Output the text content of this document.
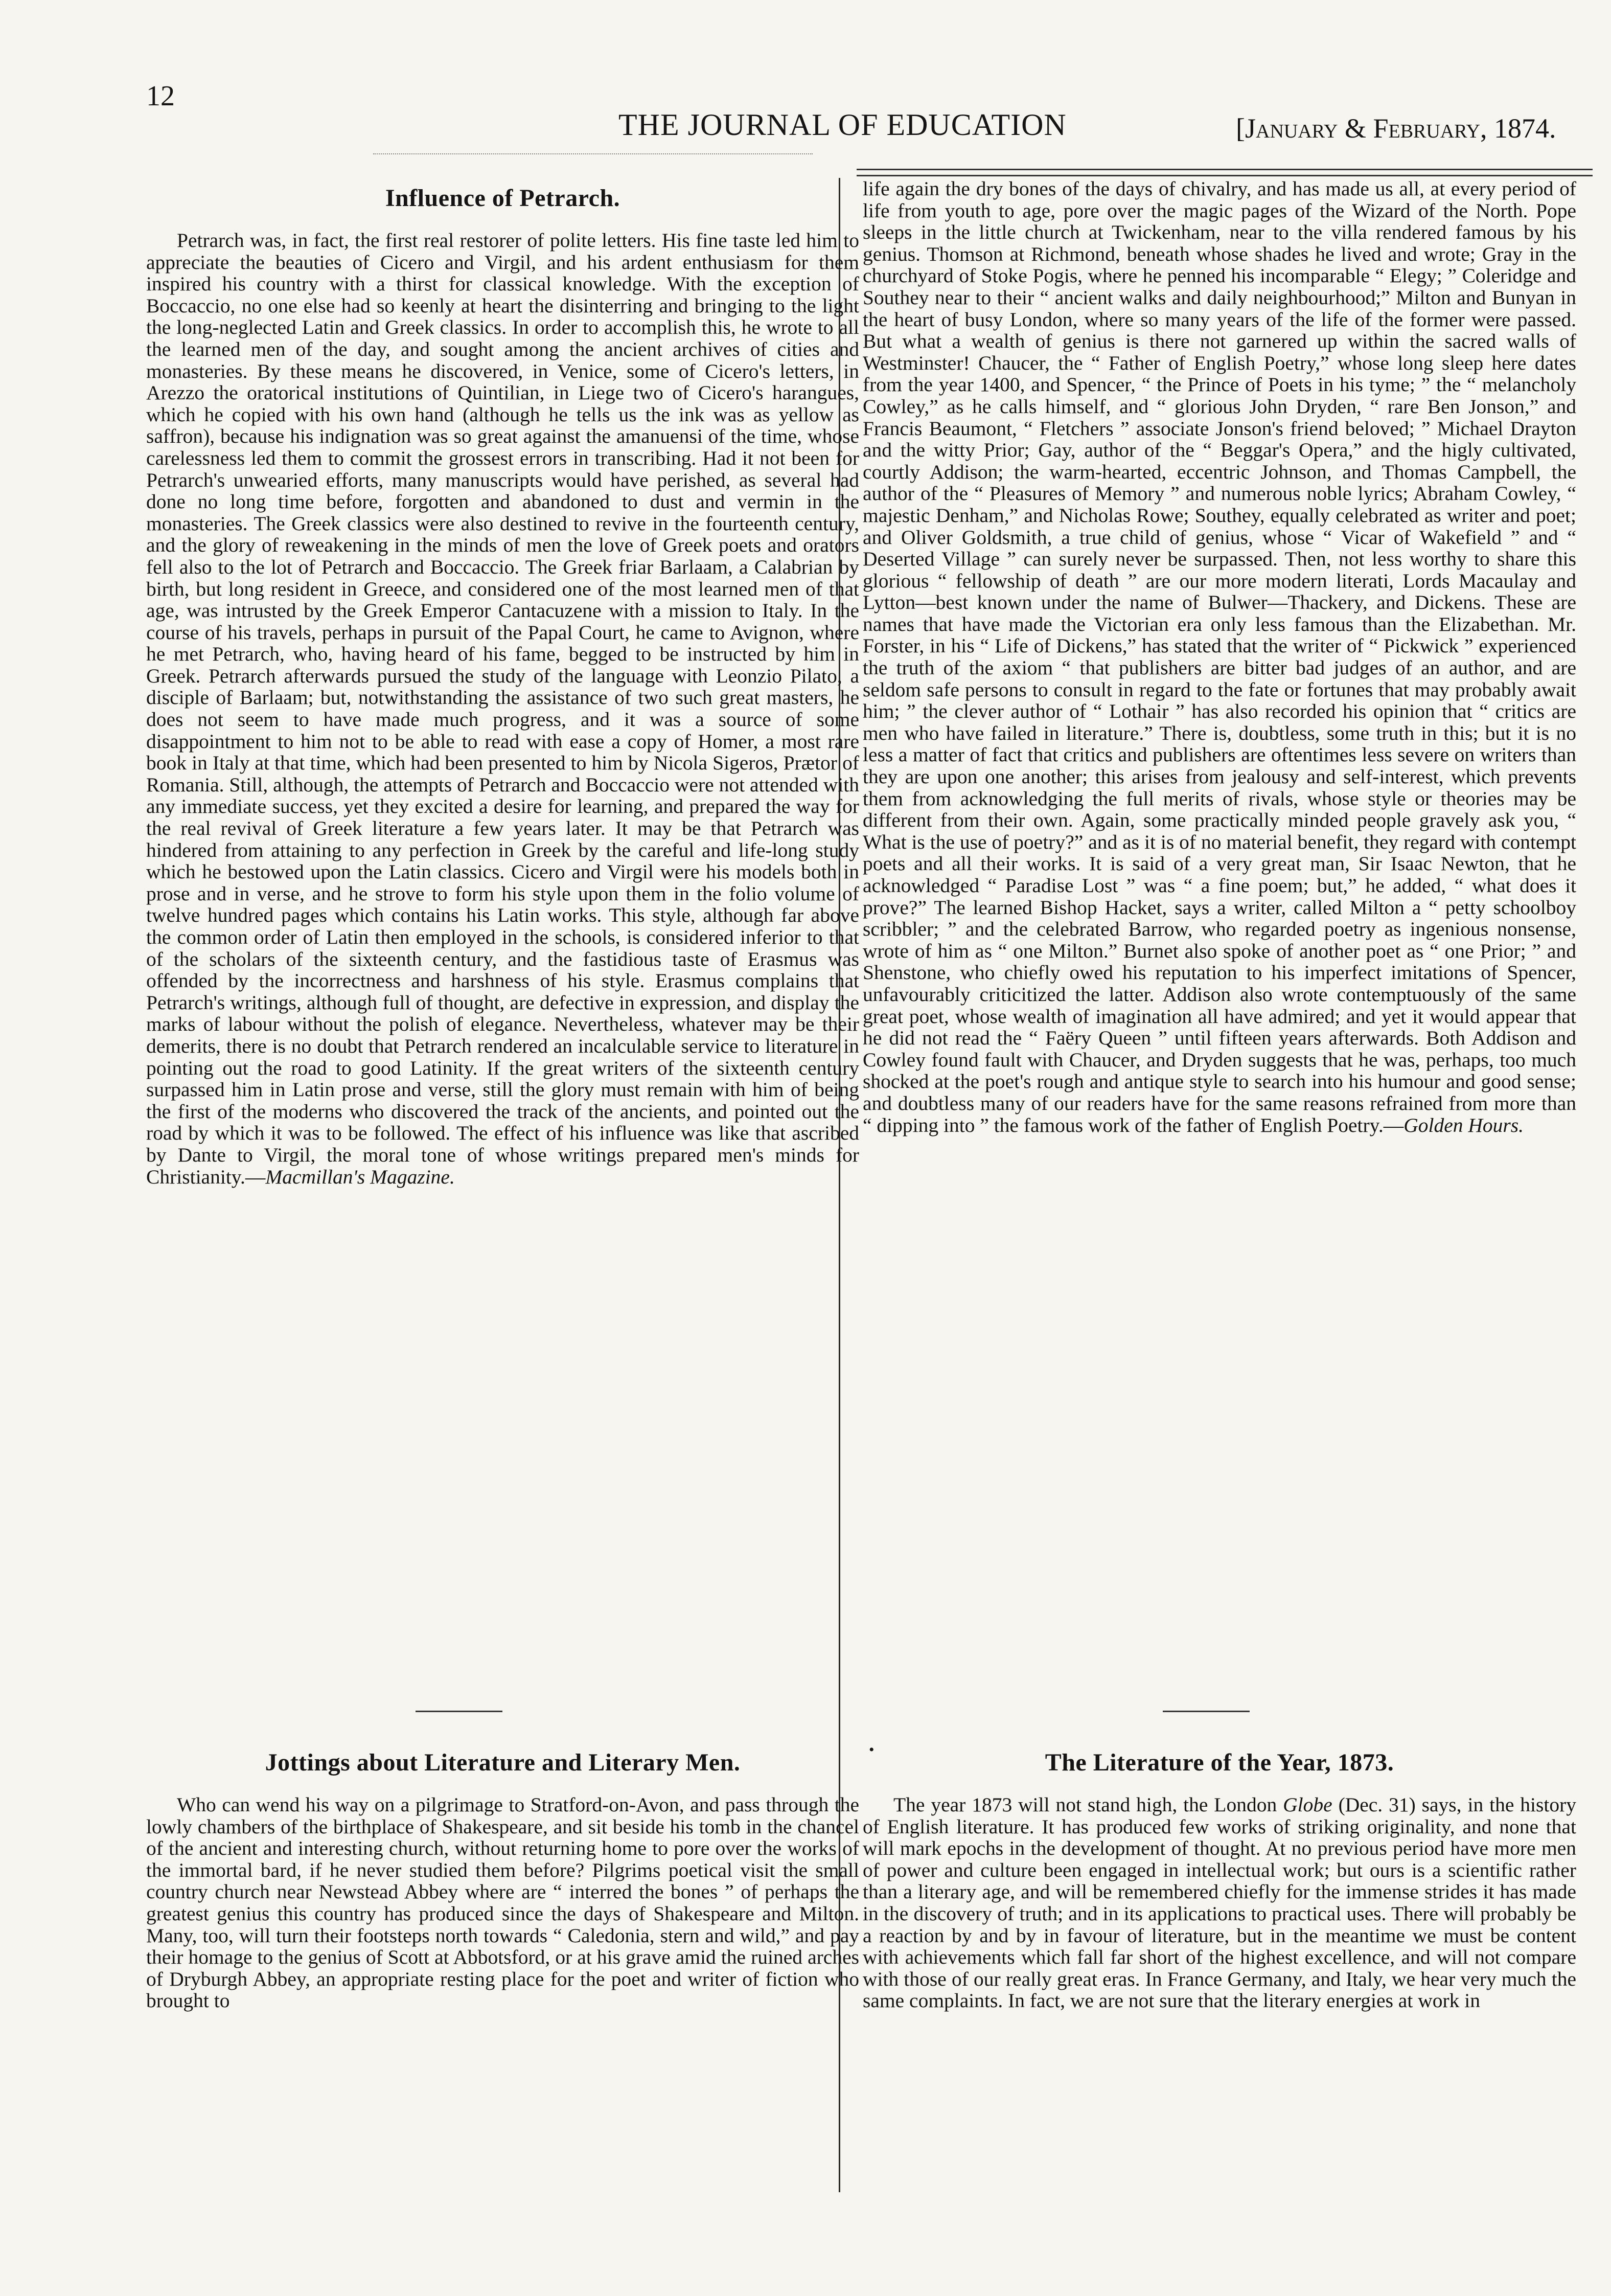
12
THE JOURNAL OF EDUCATION	[January & February, 1874.
Influence of Petrarch.

Petrarch was, in fact, the first real restorer of polite letters. His fine taste led him to appreciate the beauties of Cicero and Virgil, and his ardent enthusiasm for them inspired his country with a thirst for classical knowledge. With the exception of Boccaccio, no one else had so keenly at heart the disinterring and bringing to the light the long-neglected Latin and Greek classics. In order to accomplish this, he wrote to all the learned men of the day, and sought among the ancient archives of cities and monasteries. By these means he discovered, in Venice, some of Cicero's letters, in Arezzo the oratorical institutions of Quintilian, in Liege two of Cicero's harangues, which he copied with his own hand (although he tells us the ink was as yellow as saffron), because his indignation was so great against the amanuensi of the time, whose carelessness led them to commit the grossest errors in transcribing. Had it not been for Petrarch's unwearied efforts, many manuscripts would have perished, as several had done no long time before, forgotten and abandoned to dust and vermin in the monasteries. The Greek classics were also destined to revive in the fourteenth century, and the glory of reweakening in the minds of men the love of Greek poets and orators fell also to the lot of Petrarch and Boccaccio. The Greek friar Barlaam, a Calabrian by birth, but long resident in Greece, and considered one of the most learned men of that age, was intrusted by the Greek Emperor Cantacuzene with a mission to Italy. In the course of his travels, perhaps in pursuit of the Papal Court, he came to Avignon, where he met Petrarch, who, having heard of his fame, begged to be instructed by him in Greek. Petrarch afterwards pursued the study of the language with Leonzio Pilato, a disciple of Barlaam; but, notwithstanding the assistance of two such great masters, he does not seem to have made much progress, and it was a source of some disappointment to him not to be able to read with ease a copy of Homer, a most rare book in Italy at that time, which had been presented to him by Nicola Sigeros, Prætor of Romania. Still, although, the attempts of Petrarch and Boccaccio were not attended with any immediate success, yet they excited a desire for learning, and prepared the way for the real revival of Greek literature a few years later. It may be that Petrarch was hindered from attaining to any perfection in Greek by the careful and life-long study which he bestowed upon the Latin classics. Cicero and Virgil were his models both in prose and in verse, and he strove to form his style upon them in the folio volume of twelve hundred pages which contains his Latin works. This style, although far above the common order of Latin then employed in the schools, is considered inferior to that of the scholars of the sixteenth century, and the fastidious taste of Erasmus was offended by the incorrectness and harshness of his style. Erasmus complains that Petrarch's writings, although full of thought, are defective in expression, and display the marks of labour without the polish of elegance. Nevertheless, whatever may be their demerits, there is no doubt that Petrarch rendered an incalculable service to literature in pointing out the road to good Latinity. If the great writers of the sixteenth century surpassed him in Latin prose and verse, still the glory must remain with him of being the first of the moderns who discovered the track of the ancients, and pointed out the road by which it was to be followed. The effect of his influence was like that ascribed by Dante to Virgil, the moral tone of whose writings prepared men's minds for Christianity.—Macmillan's Magazine.

life again the dry bones of the days of chivalry, and has made us all, at every period of life from youth to age, pore over the magic pages of the Wizard of the North. Pope sleeps in the little church at Twickenham, near to the villa rendered famous by his genius. Thomson at Richmond, beneath whose shades he lived and wrote; Gray in the churchyard of Stoke Pogis, where he penned his incomparable “ Elegy; ” Coleridge and Southey near to their “ ancient walks and daily neighbourhood;” Milton and Bunyan in the heart of busy London, where so many years of the life of the former were passed. But what a wealth of genius is there not garnered up within the sacred walls of Westminster! Chaucer, the “ Father of English Poetry,” whose long sleep here dates from the year 1400, and Spencer, “ the Prince of Poets in his tyme; ” the “ melancholy Cowley,” as he calls himself, and “ glorious John Dryden, “ rare Ben Jonson,” and Francis Beaumont, “ Fletchers ” associate Jonson's friend beloved; ” Michael Drayton and the witty Prior; Gay, author of the “ Beggar's Opera,” and the higly cultivated, courtly Addison; the warm-hearted, eccentric Johnson, and Thomas Campbell, the author of the “ Pleasures of Memory ” and numerous noble lyrics; Abraham Cowley, “ majestic Denham,” and Nicholas Rowe; Southey, equally celebrated as writer and poet; and Oliver Goldsmith, a true child of genius, whose “ Vicar of Wakefield ” and “ Deserted Village ” can surely never be surpassed. Then, not less worthy to share this glorious “ fellowship of death ” are our more modern literati, Lords Macaulay and Lytton—best known under the name of Bulwer—Thackery, and Dickens. These are names that have made the Victorian era only less famous than the Elizabethan. Mr. Forster, in his “ Life of Dickens,” has stated that the writer of “ Pickwick ” experienced the truth of the axiom “ that publishers are bitter bad judges of an author, and are seldom safe persons to consult in regard to the fate or fortunes that may probably await him; ” the clever author of “ Lothair ” has also recorded his opinion that “ critics are men who have failed in literature.” There is, doubtless, some truth in this; but it is no less a matter of fact that critics and publishers are oftentimes less severe on writers than they are upon one another; this arises from jealousy and self-interest, which prevents them from acknowledging the full merits of rivals, whose style or theories may be different from their own. Again, some practically minded people gravely ask you, “ What is the use of poetry?” and as it is of no material benefit, they regard with contempt poets and all their works. It is said of a very great man, Sir Isaac Newton, that he acknowledged “ Paradise Lost ” was “ a fine poem; but,” he added, “ what does it prove?” The learned Bishop Hacket, says a writer, called Milton a “ petty schoolboy scribbler; ” and the celebrated Barrow, who regarded poetry as ingenious nonsense, wrote of him as “ one Milton.” Burnet also spoke of another poet as “ one Prior; ” and Shenstone, who chiefly owed his reputation to his imperfect imitations of Spencer, unfavourably criticitized the latter. Addison also wrote contemptuously of the same great poet, whose wealth of imagination all have admired; and yet it would appear that he did not read the “ Faëry Queen ” until fifteen years afterwards. Both Addison and Cowley found fault with Chaucer, and Dryden suggests that he was, perhaps, too much shocked at the poet's rough and antique style to search into his humour and good sense; and doubtless many of our readers have for the same reasons refrained from more than “ dipping into ” the famous work of the father of English Poetry.—Golden Hours.

Jottings about Literature and Literary Men.

Who can wend his way on a pilgrimage to Stratford-on-Avon, and pass through the lowly chambers of the birthplace of Shakespeare, and sit beside his tomb in the chancel of the ancient and interesting church, without returning home to pore over the works of the immortal bard, if he never studied them before? Pilgrims poetical visit the small country church near Newstead Abbey where are “ interred the bones ” of perhaps the greatest genius this country has produced since the days of Shakespeare and Milton. Many, too, will turn their footsteps north towards “ Caledonia, stern and wild,” and pay their homage to the genius of Scott at Abbotsford, or at his grave amid the ruined arches of Dryburgh Abbey, an appropriate resting place for the poet and writer of fiction who brought to

The Literature of the Year, 1873.

The year 1873 will not stand high, the London Globe (Dec. 31) says, in the history of English literature. It has produced few works of striking originality, and none that will mark epochs in the development of thought. At no previous period have more men of power and culture been engaged in intellectual work; but ours is a scientific rather than a literary age, and will be remembered chiefly for the immense strides it has made in the discovery of truth; and in its applications to practical uses. There will probably be a reaction by and by in favour of literature, but in the meantime we must be content with achievements which fall far short of the highest excellence, and will not compare with those of our really great eras. In France Germany, and Italy, we hear very much the same complaints. In fact, we are not sure that the literary energies at work in

•
